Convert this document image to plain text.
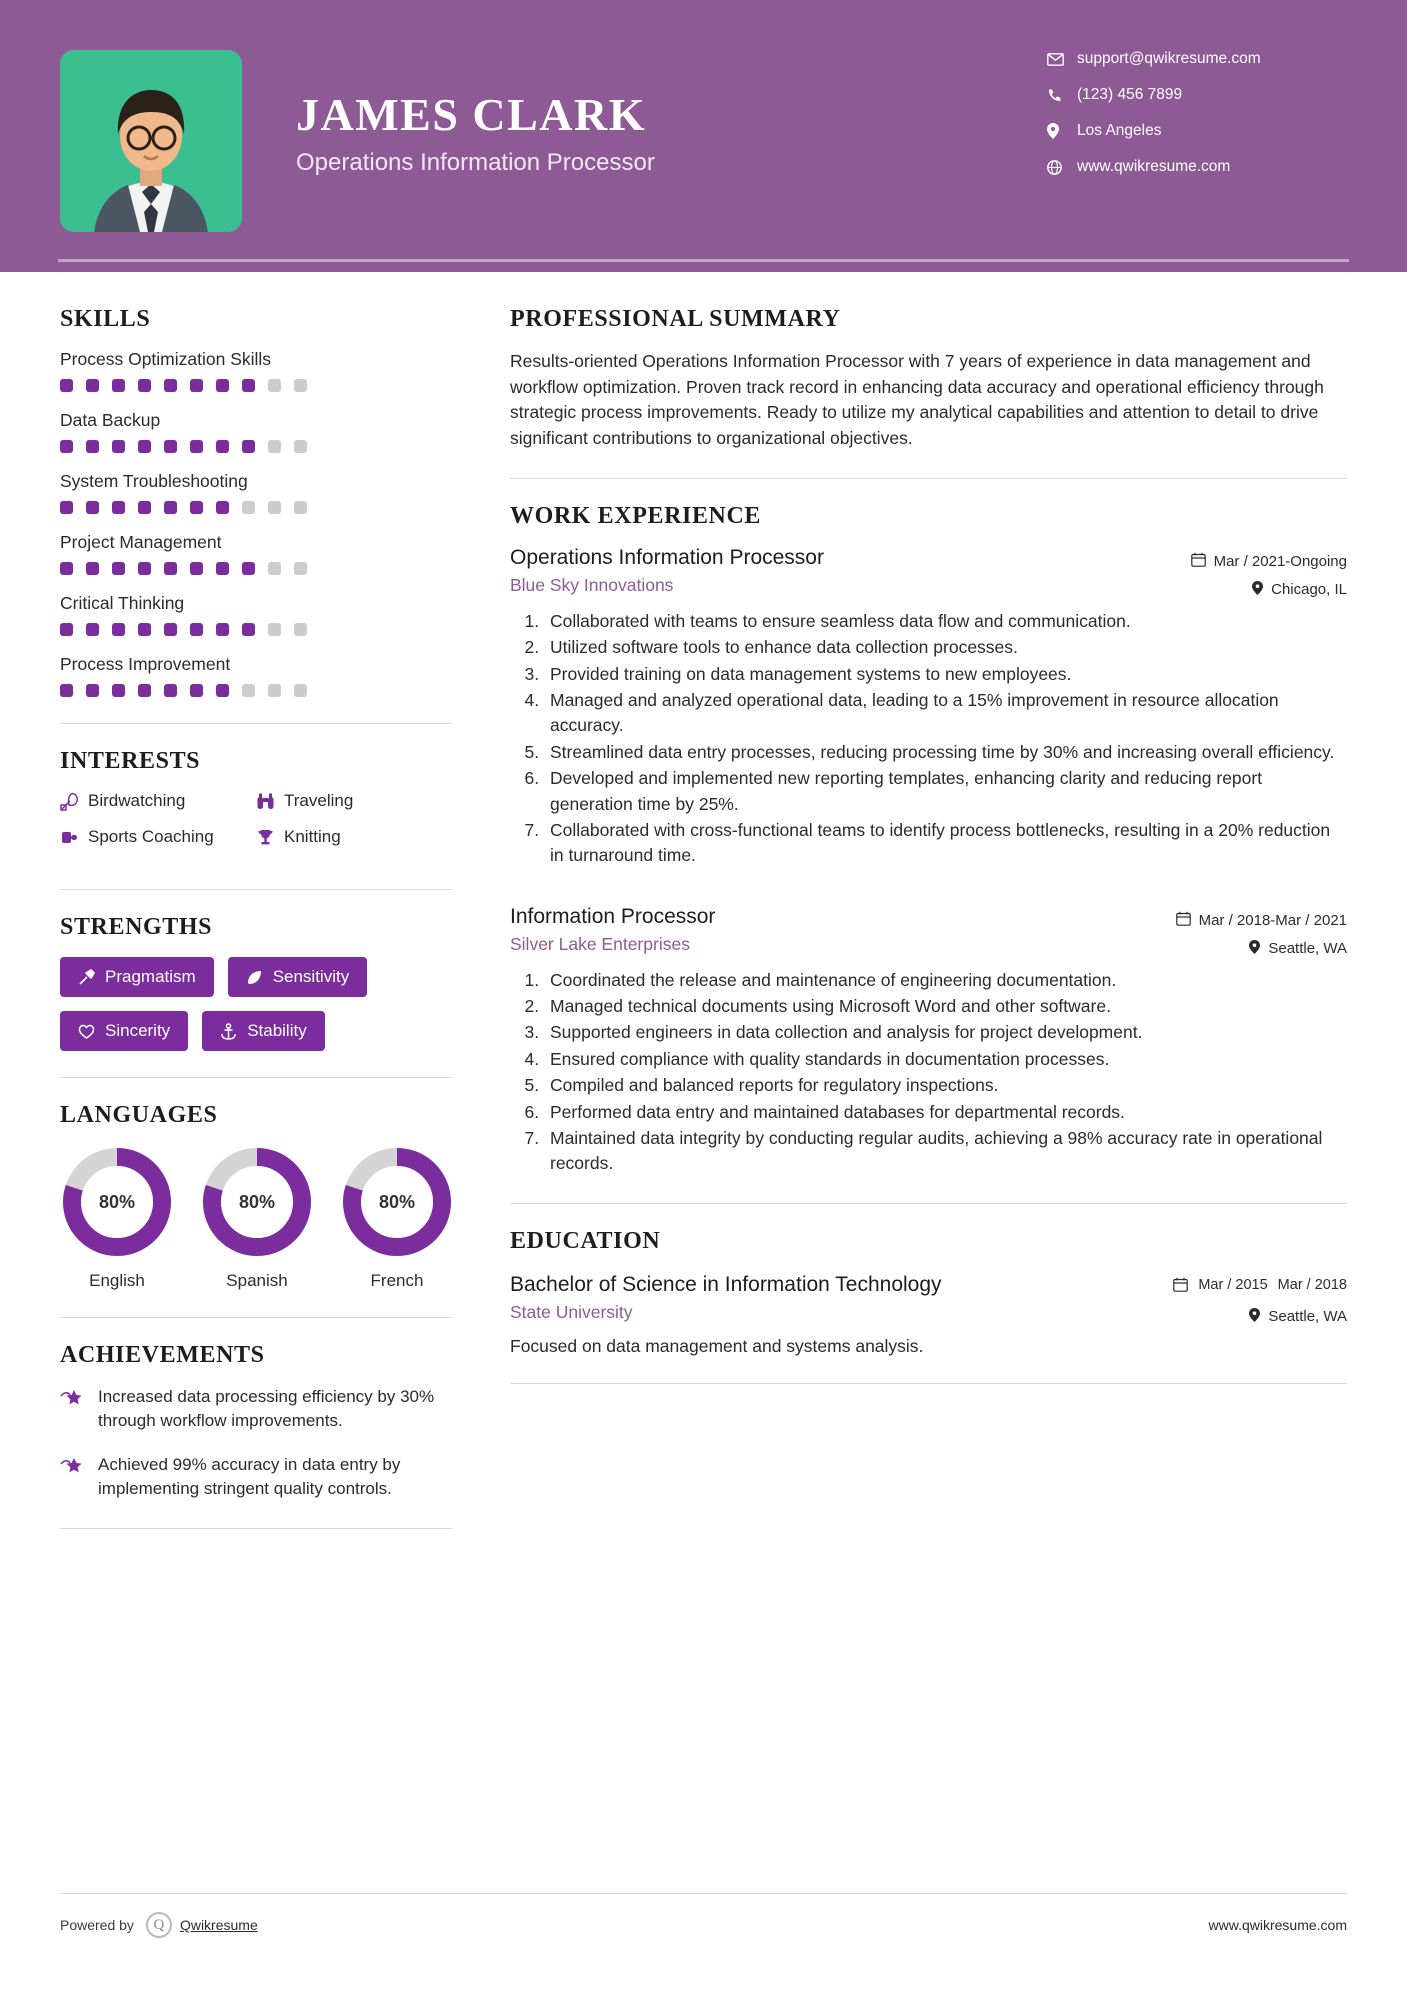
JAMES CLARK
Operations Information Processor
support@qwikresume.com
(123) 456 7899
Los Angeles
www.qwikresume.com
SKILLS
Process Optimization Skills
Data Backup
System Troubleshooting
Project Management
Critical Thinking
Process Improvement
INTERESTS
Birdwatching	Traveling
Sports Coaching	Knitting
STRENGTHS
Pragmatism	Sensitivity
Sincerity	Stability
LANGUAGES
80%
English
80%
Spanish
80%
French
ACHIEVEMENTS
Increased data processing efficiency by 30% through workflow improvements.
Achieved 99% accuracy in data entry by implementing stringent quality controls.
PROFESSIONAL SUMMARY
Results-oriented Operations Information Processor with 7 years of experience in data management and workflow optimization. Proven track record in enhancing data accuracy and operational efficiency through strategic process improvements. Ready to utilize my analytical capabilities and attention to detail to drive significant contributions to organizational objectives.
WORK EXPERIENCE
Operations Information Processor	Mar / 2021-Ongoing
Blue Sky Innovations	Chicago, IL
1. Collaborated with teams to ensure seamless data flow and communication.
2. Utilized software tools to enhance data collection processes.
3. Provided training on data management systems to new employees.
4. Managed and analyzed operational data, leading to a 15% improvement in resource allocation accuracy.
5. Streamlined data entry processes, reducing processing time by 30% and increasing overall efficiency.
6. Developed and implemented new reporting templates, enhancing clarity and reducing report generation time by 25%.
7. Collaborated with cross-functional teams to identify process bottlenecks, resulting in a 20% reduction in turnaround time.
Information Processor	Mar / 2018-Mar / 2021
Silver Lake Enterprises	Seattle, WA
1. Coordinated the release and maintenance of engineering documentation.
2. Managed technical documents using Microsoft Word and other software.
3. Supported engineers in data collection and analysis for project development.
4. Ensured compliance with quality standards in documentation processes.
5. Compiled and balanced reports for regulatory inspections.
6. Performed data entry and maintained databases for departmental records.
7. Maintained data integrity by conducting regular audits, achieving a 98% accuracy rate in operational records.
EDUCATION
Bachelor of Science in Information Technology	Mar / 2015 Mar / 2018
State University	Seattle, WA
Focused on data management and systems analysis.
Powered by	Q	Qwikresume	www.qwikresume.com
